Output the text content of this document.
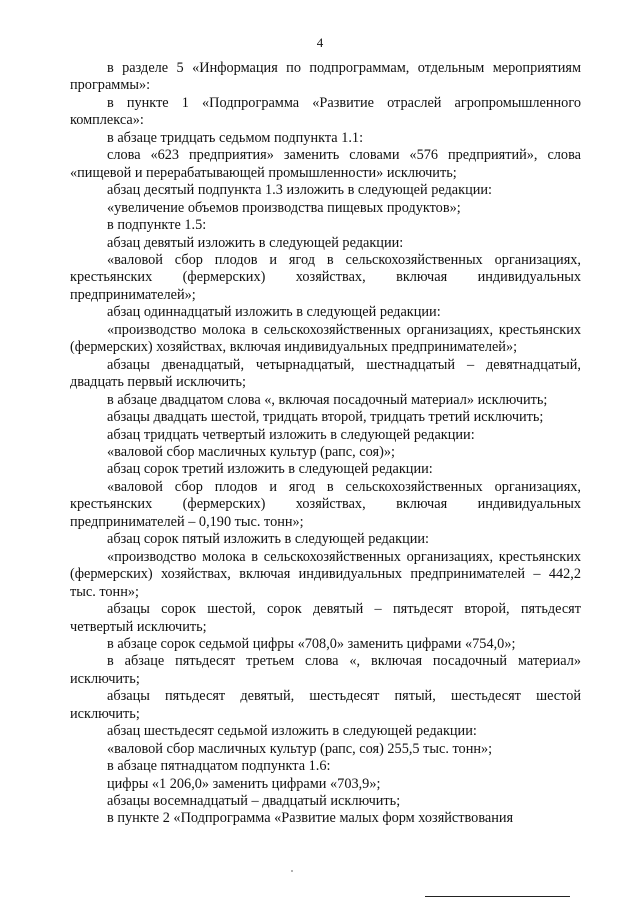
4

в разделе 5 «Информация по подпрограммам, отдельным мероприятиям программы»:

в пункте 1 «Подпрограмма «Развитие отраслей агропромышленного комплекса»:

в абзаце тридцать седьмом подпункта 1.1:

слова «623 предприятия» заменить словами «576 предприятий», слова «пищевой и перерабатывающей промышленности» исключить;

абзац десятый подпункта 1.3 изложить в следующей редакции:

«увеличение объемов производства пищевых продуктов»;

в подпункте 1.5:

абзац девятый изложить в следующей редакции:

«валовой сбор плодов и ягод в сельскохозяйственных организациях, крестьянских (фермерских) хозяйствах, включая индивидуальных предпринимателей»;

абзац одиннадцатый изложить в следующей редакции:

«производство молока в сельскохозяйственных организациях, крестьянских (фермерских) хозяйствах, включая индивидуальных предпринимателей»;

абзацы двенадцатый, четырнадцатый, шестнадцатый – девятнадцатый, двадцать первый исключить;

в абзаце двадцатом слова «, включая посадочный материал» исключить;

абзацы двадцать шестой, тридцать второй, тридцать третий исключить;

абзац тридцать четвертый изложить в следующей редакции:

«валовой сбор масличных культур (рапс, соя)»;

абзац сорок третий изложить в следующей редакции:

«валовой сбор плодов и ягод в сельскохозяйственных организациях, крестьянских (фермерских) хозяйствах, включая индивидуальных предпринимателей – 0,190 тыс. тонн»;

абзац сорок пятый изложить в следующей редакции:

«производство молока в сельскохозяйственных организациях, крестьянских (фермерских) хозяйствах, включая индивидуальных предпринимателей – 442,2 тыс. тонн»;

абзацы сорок шестой, сорок девятый – пятьдесят второй, пятьдесят четвертый исключить;

в абзаце сорок седьмой цифры «708,0» заменить цифрами «754,0»;

в абзаце пятьдесят третьем слова «, включая посадочный материал» исключить;

абзацы пятьдесят девятый, шестьдесят пятый, шестьдесят шестой исключить;

абзац шестьдесят седьмой изложить в следующей редакции:

«валовой сбор масличных культур (рапс, соя) 255,5 тыс. тонн»;

в абзаце пятнадцатом подпункта 1.6:

цифры «1 206,0» заменить цифрами «703,9»;

абзацы восемнадцатый – двадцатый исключить;

в пункте 2 «Подпрограмма «Развитие малых форм хозяйствования
